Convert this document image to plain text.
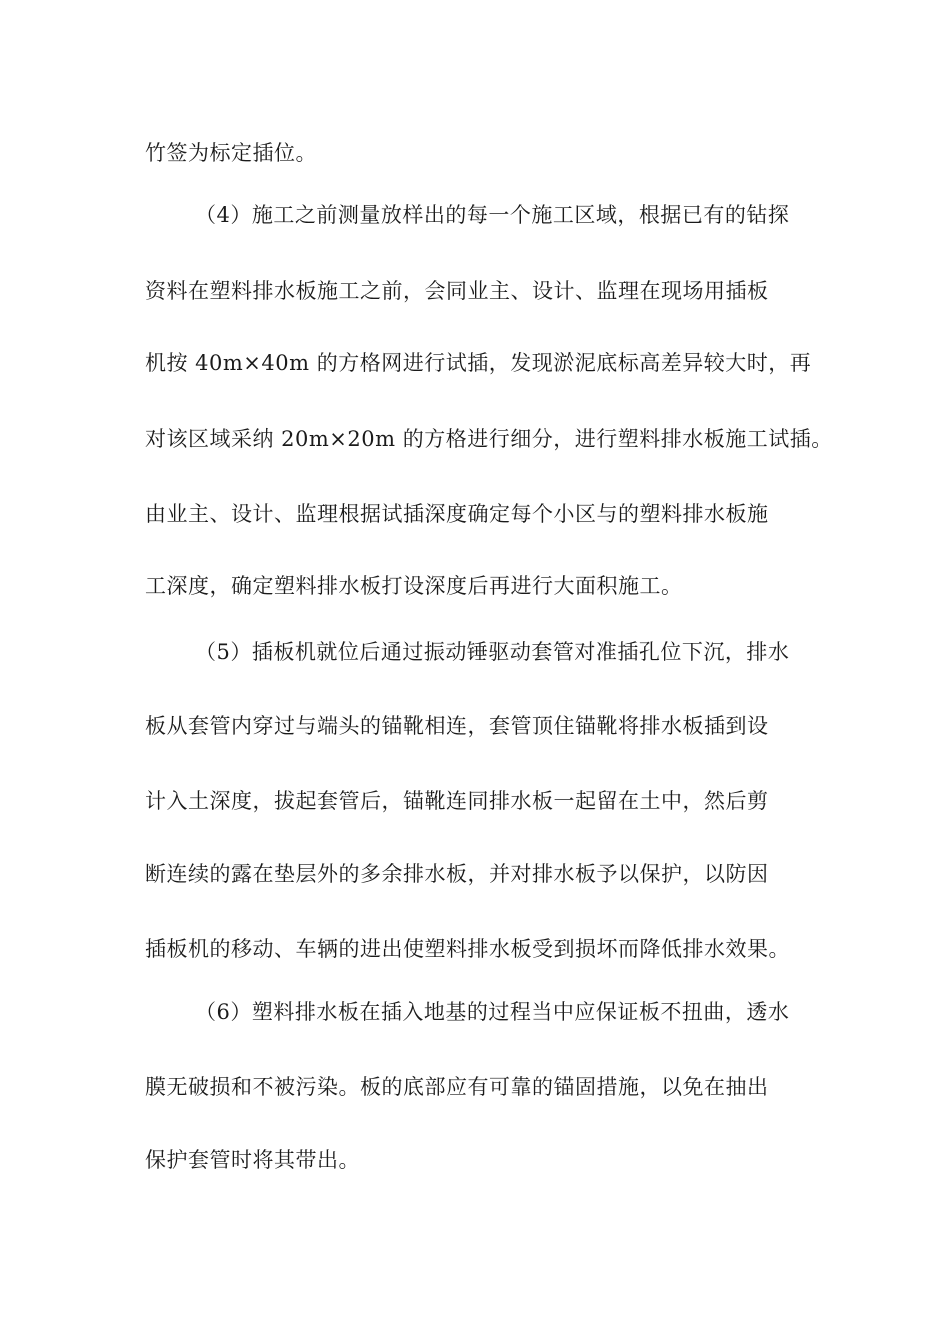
竹签为标定插位。
（4）施工之前测量放样出的每一个施工区域，根据已有的钻探
资料在塑料排水板施工之前，会同业主、设计、监理在现场用插板
机按 40m×40m 的方格网进行试插，发现淤泥底标高差异较大时，再
对该区域采纳 20m×20m 的方格进行细分，进行塑料排水板施工试插。
由业主、设计、监理根据试插深度确定每个小区与的塑料排水板施
工深度，确定塑料排水板打设深度后再进行大面积施工。
（5）插板机就位后通过振动锤驱动套管对准插孔位下沉，排水
板从套管内穿过与端头的锚靴相连，套管顶住锚靴将排水板插到设
计入土深度，拔起套管后，锚靴连同排水板一起留在土中，然后剪
断连续的露在垫层外的多余排水板，并对排水板予以保护，以防因
插板机的移动、车辆的进出使塑料排水板受到损坏而降低排水效果。
（6）塑料排水板在插入地基的过程当中应保证板不扭曲，透水
膜无破损和不被污染。板的底部应有可靠的锚固措施，以免在抽出
保护套管时将其带出。
